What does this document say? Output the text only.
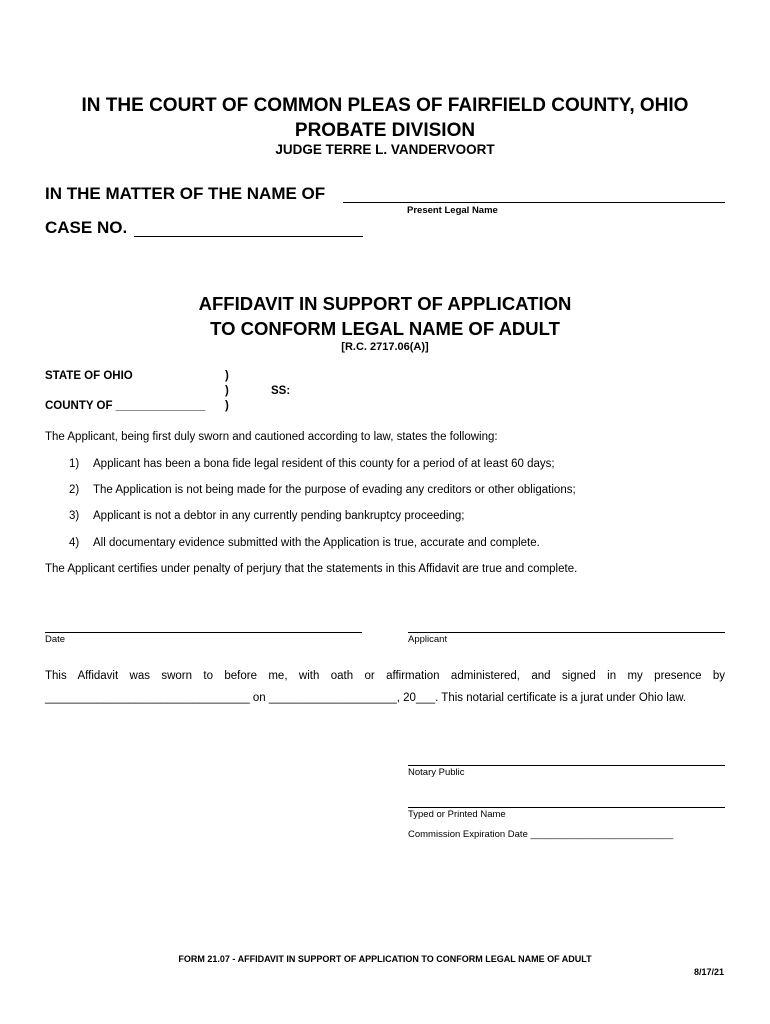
IN THE COURT OF COMMON PLEAS OF FAIRFIELD COUNTY, OHIO
PROBATE DIVISION
JUDGE TERRE L. VANDERVOORT
IN THE MATTER OF THE NAME OF
Present Legal Name
CASE NO.
AFFIDAVIT IN SUPPORT OF APPLICATION
TO CONFORM LEGAL NAME OF ADULT
[R.C. 2717.06(A)]
STATE OF OHIO	)
)	SS:
COUNTY OF ______________ )
The Applicant, being first duly sworn and cautioned according to law, states the following:
1) Applicant has been a bona fide legal resident of this county for a period of at least 60 days;
2) The Application is not being made for the purpose of evading any creditors or other obligations;
3) Applicant is not a debtor in any currently pending bankruptcy proceeding;
4) All documentary evidence submitted with the Application is true, accurate and complete.
The Applicant certifies under penalty of perjury that the statements in this Affidavit are true and complete.
Date	Applicant
This Affidavit was sworn to before me, with oath or affirmation administered, and signed in my presence by
________________________________ on ____________________, 20___. This notarial certificate is a jurat under Ohio law.
Notary Public
Typed or Printed Name
Commission Expiration Date ___________________________
FORM 21.07 - AFFIDAVIT IN SUPPORT OF APPLICATION TO CONFORM LEGAL NAME OF ADULT
8/17/21
